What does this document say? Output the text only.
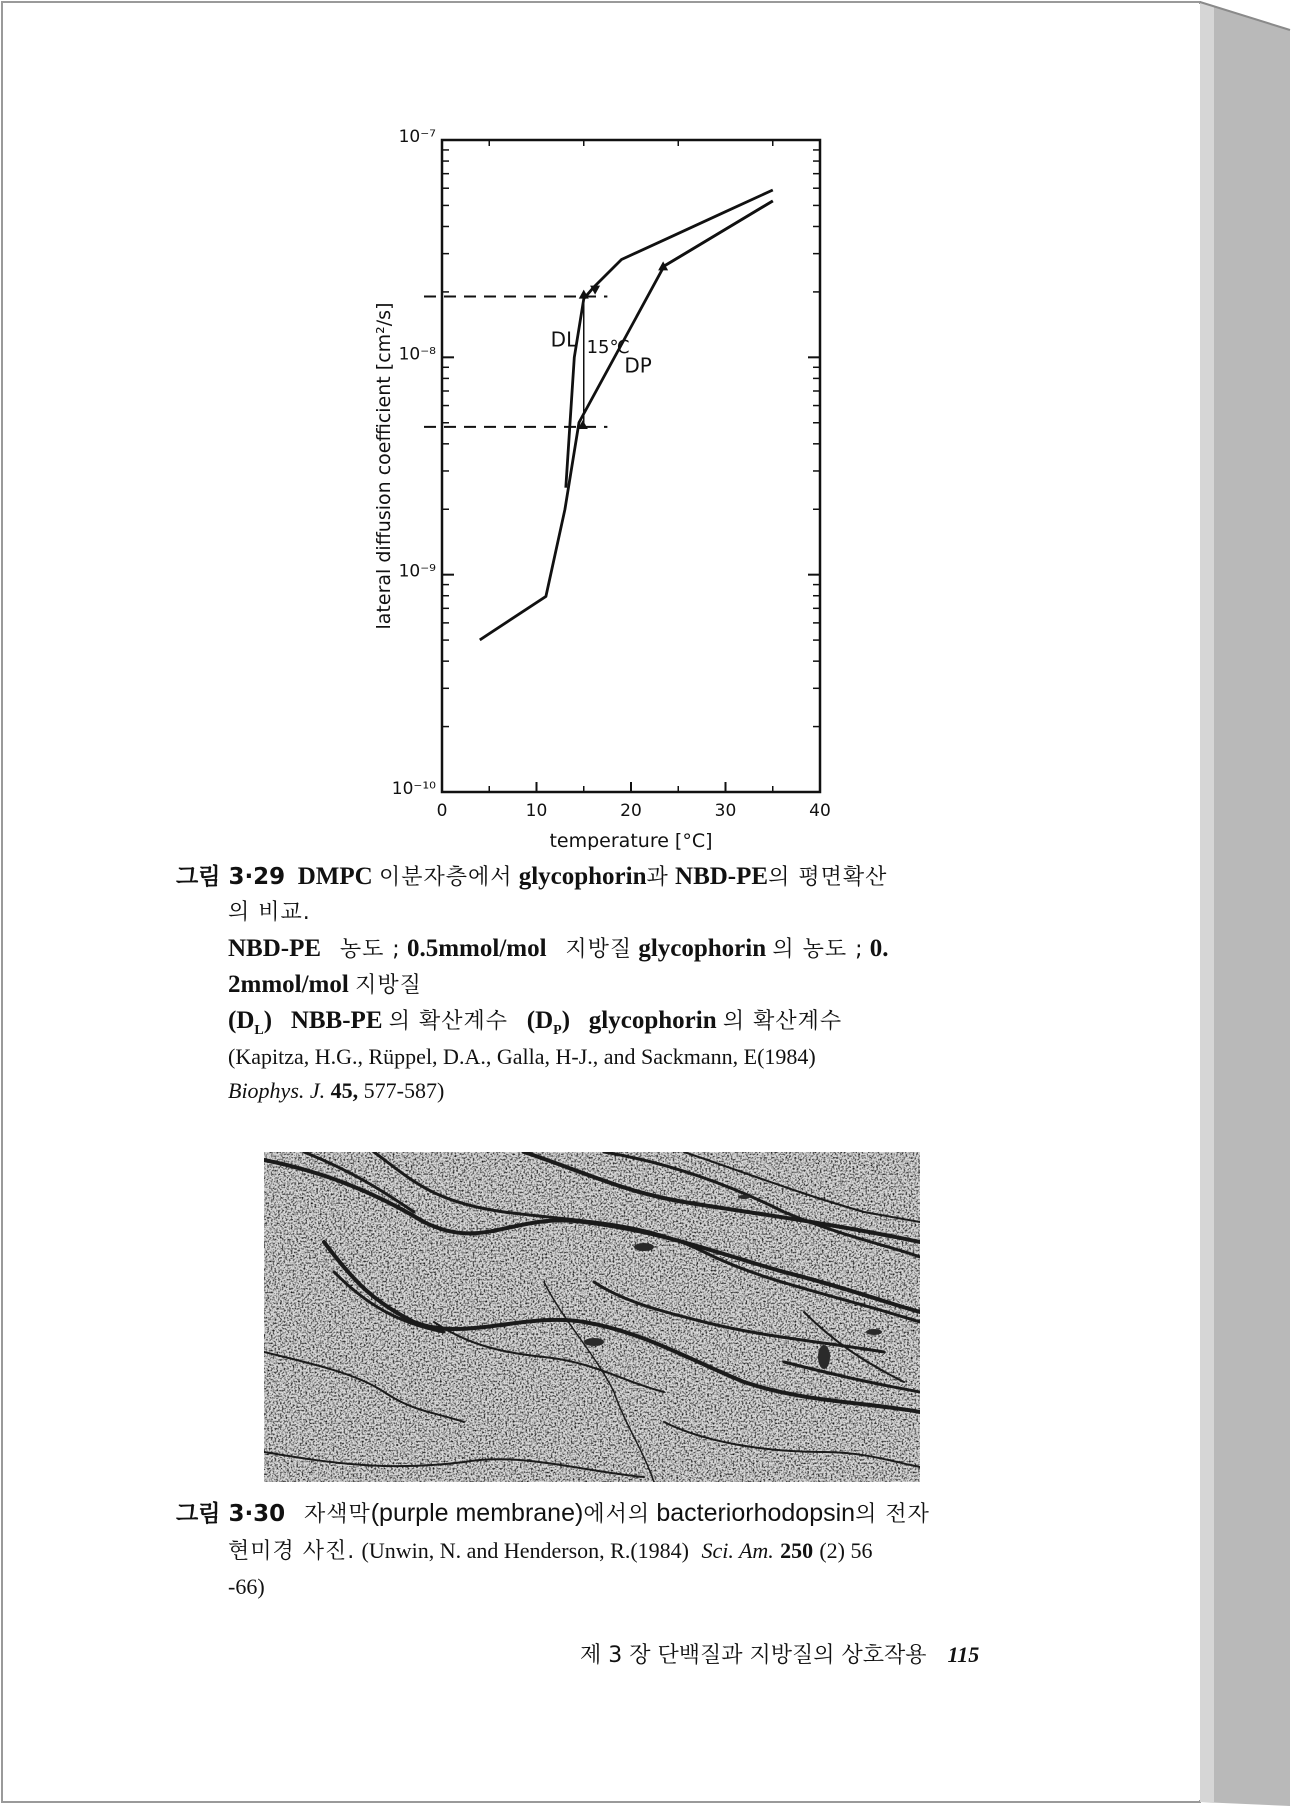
0	10	20	30	40
10⁻¹⁰
10⁻⁹
10⁻⁸
10⁻⁷
temperature [°C]
lateral diffusion coefficient [cm²/s]	DL
DP
15℃
그림 3·29 DMPC 이분자층에서 glycophorin과 NBD-PE의 평면확산
의 비교.
NBD-PE 농도 ; 0.5mmol/mol 지방질 glycophorin 의 농도 ; 0.
2mmol/mol 지방질
$(D_L)$ NBB-PE 의 확산계수 $(D_P)$ glycophorin 의 확산계수
(Kapitza, H.G., Rüppel, D.A., Galla, H-J., and Sackmann, E(1984)
Biophys. J. 45, 577-587)
그림 3·30 자색막(purple membrane)에서의 bacteriorhodopsin의 전자
현미경 사진. (Unwin, N. and Henderson, R.(1984) Sci. Am. 250 (2) 56
-66)
제 3 장 단백질과 지방질의 상호작용 115
